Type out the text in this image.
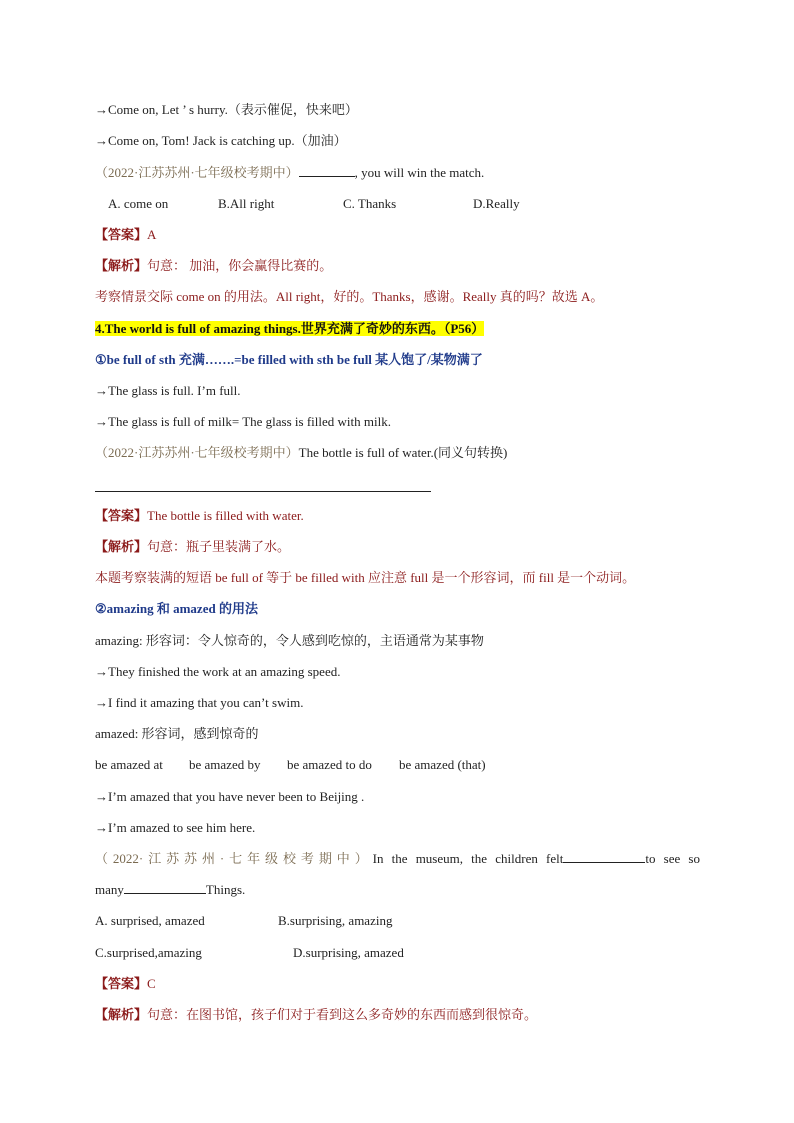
→Come on, Let ’ s hurry.（表示催促，快来吧）
→Come on, Tom! Jack is catching up.（加油）
（2022·江苏苏州·七年级校考期中）	, you will win the match.
A. come on	B.All right	C. Thanks	D.Really
【答案】A
【解析】句意： 加油，你会赢得比赛的。
考察情景交际 come on 的用法。All right，好的。Thanks，感谢。Really 真的吗？故选 A。
4.The world is full of amazing things.世界充满了奇妙的东西。（P56）
①be full of sth 充满…….=be filled with sth be full 某人饱了/某物满了
→The glass is full. I’m full.
→The glass is full of milk= The glass is filled with milk.
（2022·江苏苏州·七年级校考期中）The bottle is full of water.(同义句转换)
【答案】The bottle is filled with water.
【解析】句意：瓶子里装满了水。
本题考察装满的短语 be full of 等于 be filled with 应注意 full 是一个形容词，而 fill 是一个动词。
②amazing 和 amazed 的用法
amazing: 形容词：令人惊奇的，令人感到吃惊的，主语通常为某事物
→They finished the work at an amazing speed.
→I find it amazing that you can’t swim.
amazed: 形容词，感到惊奇的
be amazed at be amazed by be amazed to do be amazed (that)
→I’m amazed that you have never been to Beijing .
→I’m amazed to see him here.
（2022·江苏苏州·七年级校考期中）In the museum, the children felt	to see so
many	Things.
A. surprised, amazed	B.surprising, amazing
C.surprised,amazing	D.surprising, amazed
【答案】C
【解析】句意：在图书馆，孩子们对于看到这么多奇妙的东西而感到很惊奇。
